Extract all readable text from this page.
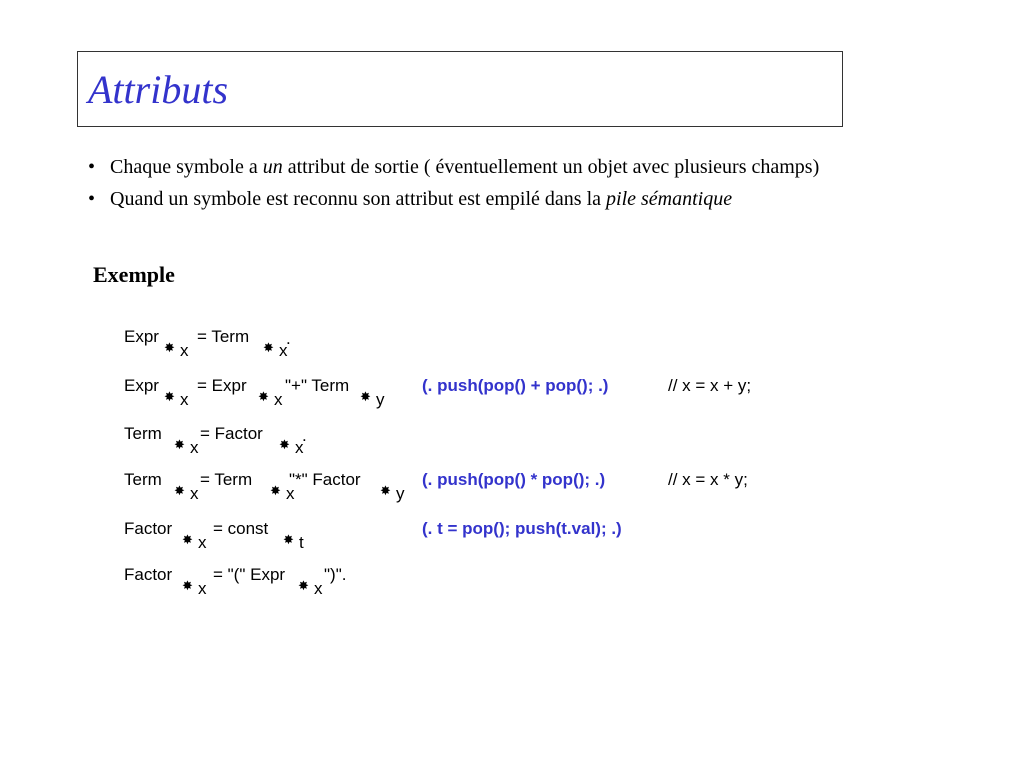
Attributs
• Chaque symbole a un attribut de sortie ( éventuellement un objet avec plusieurs champs)
• Quand un symbole est reconnu son attribut est empilé dans la pile sémantique
Exemple
Expr
✸ x
= Term
✸ x
.
Expr
✸ x
= Expr
✸ x
"+" Term
✸ y
(. push(pop() + pop(); .)	// x = x + y;
Term
✸ x
= Factor
✸ x
.
Term
✸ x
= Term
✸ x
"*" Factor
✸ y
(. push(pop() * pop(); .)	// x = x * y;
Factor
✸ x
= const
✸ t
(. t = pop(); push(t.val); .)
Factor
✸ x
= "(" Expr
✸ x
")".
